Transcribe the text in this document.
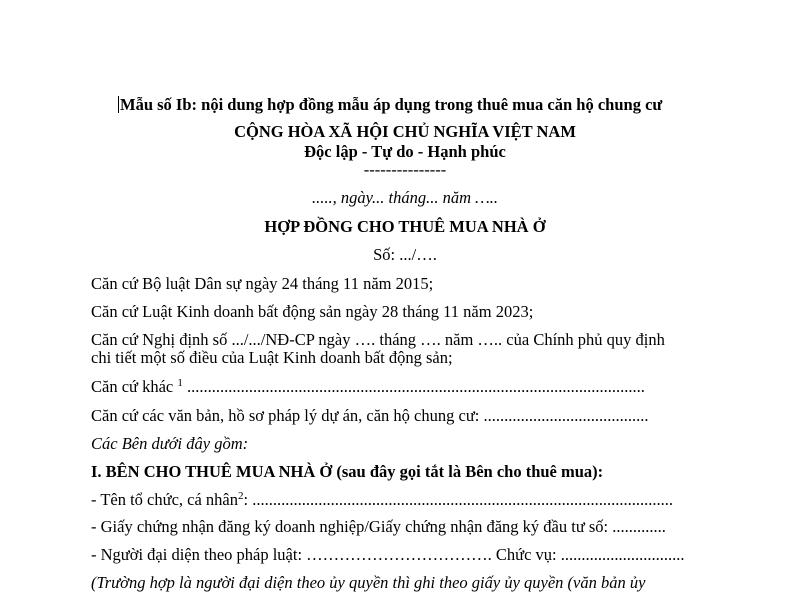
Mẫu số Ib: nội dung hợp đồng mẫu áp dụng trong thuê mua căn hộ chung cư
CỘNG HÒA XÃ HỘI CHỦ NGHĨA VIỆT NAM
Độc lập - Tự do - Hạnh phúc
---------------
....., ngày... tháng... năm …..
HỢP ĐỒNG CHO THUÊ MUA NHÀ Ở
Số: .../….
Căn cứ Bộ luật Dân sự ngày 24 tháng 11 năm 2015;
Căn cứ Luật Kinh doanh bất động sản ngày 28 tháng 11 năm 2023;
Căn cứ Nghị định số .../.../NĐ-CP ngày …. tháng …. năm ….. của Chính phủ quy định
chi tiết một số điều của Luật Kinh doanh bất động sản;
Căn cứ khác $^1$ ...............................................................................................................
Căn cứ các văn bản, hồ sơ pháp lý dự án, căn hộ chung cư: ........................................
Các Bên dưới đây gồm:
I. BÊN CHO THUÊ MUA NHÀ Ở (sau đây gọi tắt là Bên cho thuê mua):
- Tên tổ chức, cá nhân$^2$: ......................................................................................................
- Giấy chứng nhận đăng ký doanh nghiệp/Giấy chứng nhận đăng ký đầu tư số: .............
- Người đại diện theo pháp luật: ……………………………. Chức vụ: ..............................
(Trường hợp là người đại diện theo ủy quyền thì ghi theo giấy ủy quyền (văn bản ủy
